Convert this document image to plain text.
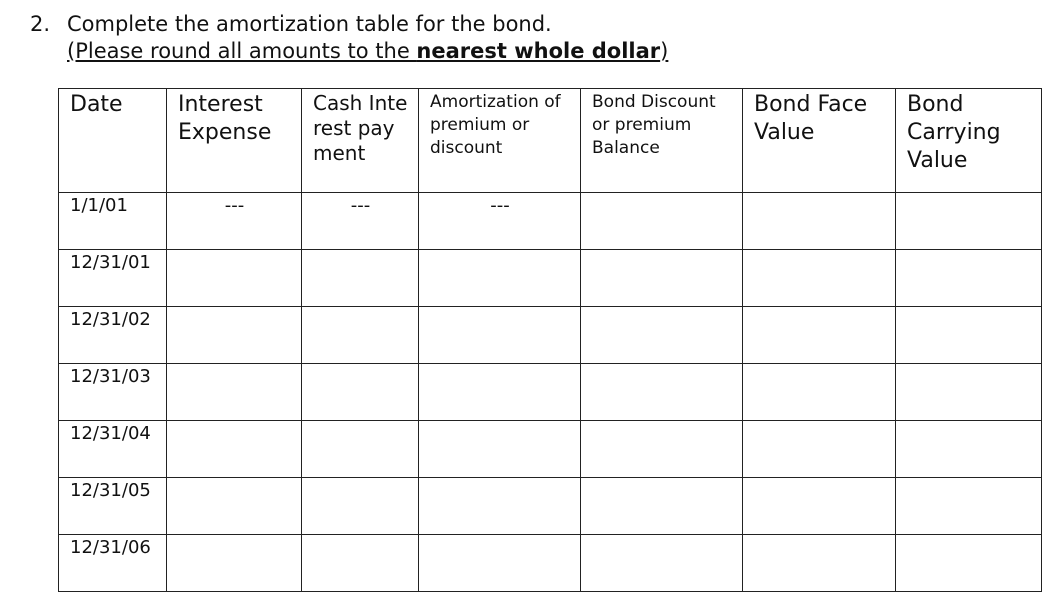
2. Complete the amortization table for the bond.
(Please round all amounts to the nearest whole dollar)
Date	Interest Expense	Cash Interest payment	Amortization of premium or discount	Bond Discount  or premium Balance	Bond Face Value	Bond Carrying Value
1/1/01	---	---	---			
12/31/01						
12/31/02						
12/31/03						
12/31/04						
12/31/05						
12/31/06						
